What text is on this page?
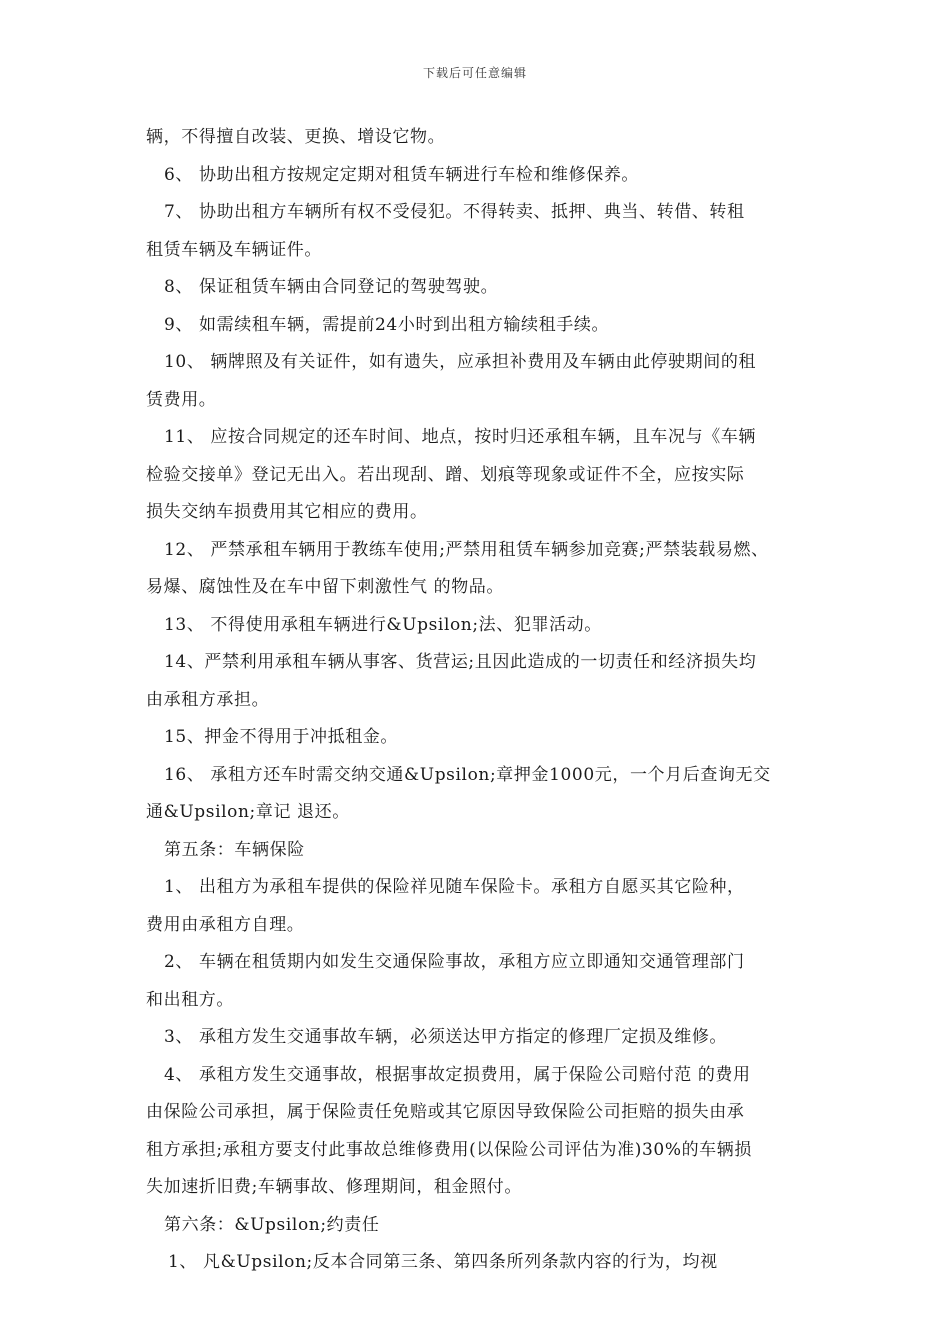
下载后可任意编辑
辆，不得擅自改装、更换、增设它物。
6、 协助出租方按规定定期对租赁车辆进行车检和维修保养。
7、 协助出租方车辆所有权不受侵犯。不得转卖、抵押、典当、转借、转租
租赁车辆及车辆证件。
8、 保证租赁车辆由合同登记的驾驶驾驶。
9、 如需续租车辆，需提前24小时到出租方输续租手续。
10、 辆牌照及有关证件，如有遗失，应承担补费用及车辆由此停驶期间的租
赁费用。
11、 应按合同规定的还车时间、地点，按时归还承租车辆，且车况与《车辆
检验交接单》登记无出入。若出现刮、蹭、划痕等现象或证件不全，应按实际
损失交纳车损费用其它相应的费用。
12、 严禁承租车辆用于教练车使用;严禁用租赁车辆参加竞赛;严禁装载易燃、
易爆、腐蚀性及在车中留下刺激性气 的物品。
13、 不得使用承租车辆进行&Upsilon;法、犯罪活动。
14、严禁利用承租车辆从事客、货营运;且因此造成的一切责任和经济损失均
由承租方承担。
15、押金不得用于冲抵租金。
16、 承租方还车时需交纳交通&Upsilon;章押金1000元，一个月后查询无交
通&Upsilon;章记 退还。
第五条：车辆保险
1、 出租方为承租车提供的保险祥见随车保险卡。承租方自愿买其它险种，
费用由承租方自理。
2、 车辆在租赁期内如发生交通保险事故，承租方应立即通知交通管理部门
和出租方。
3、 承租方发生交通事故车辆，必须送达甲方指定的修理厂定损及维修。
4、 承租方发生交通事故，根据事故定损费用，属于保险公司赔付范 的费用
由保险公司承担，属于保险责任免赔或其它原因导致保险公司拒赔的损失由承
租方承担;承租方要支付此事故总维修费用(以保险公司评估为准)30%的车辆损
失加速折旧费;车辆事故、修理期间，租金照付。
第六条：&Upsilon;约责任
1、 凡&Upsilon;反本合同第三条、第四条所列条款内容的行为，均视
